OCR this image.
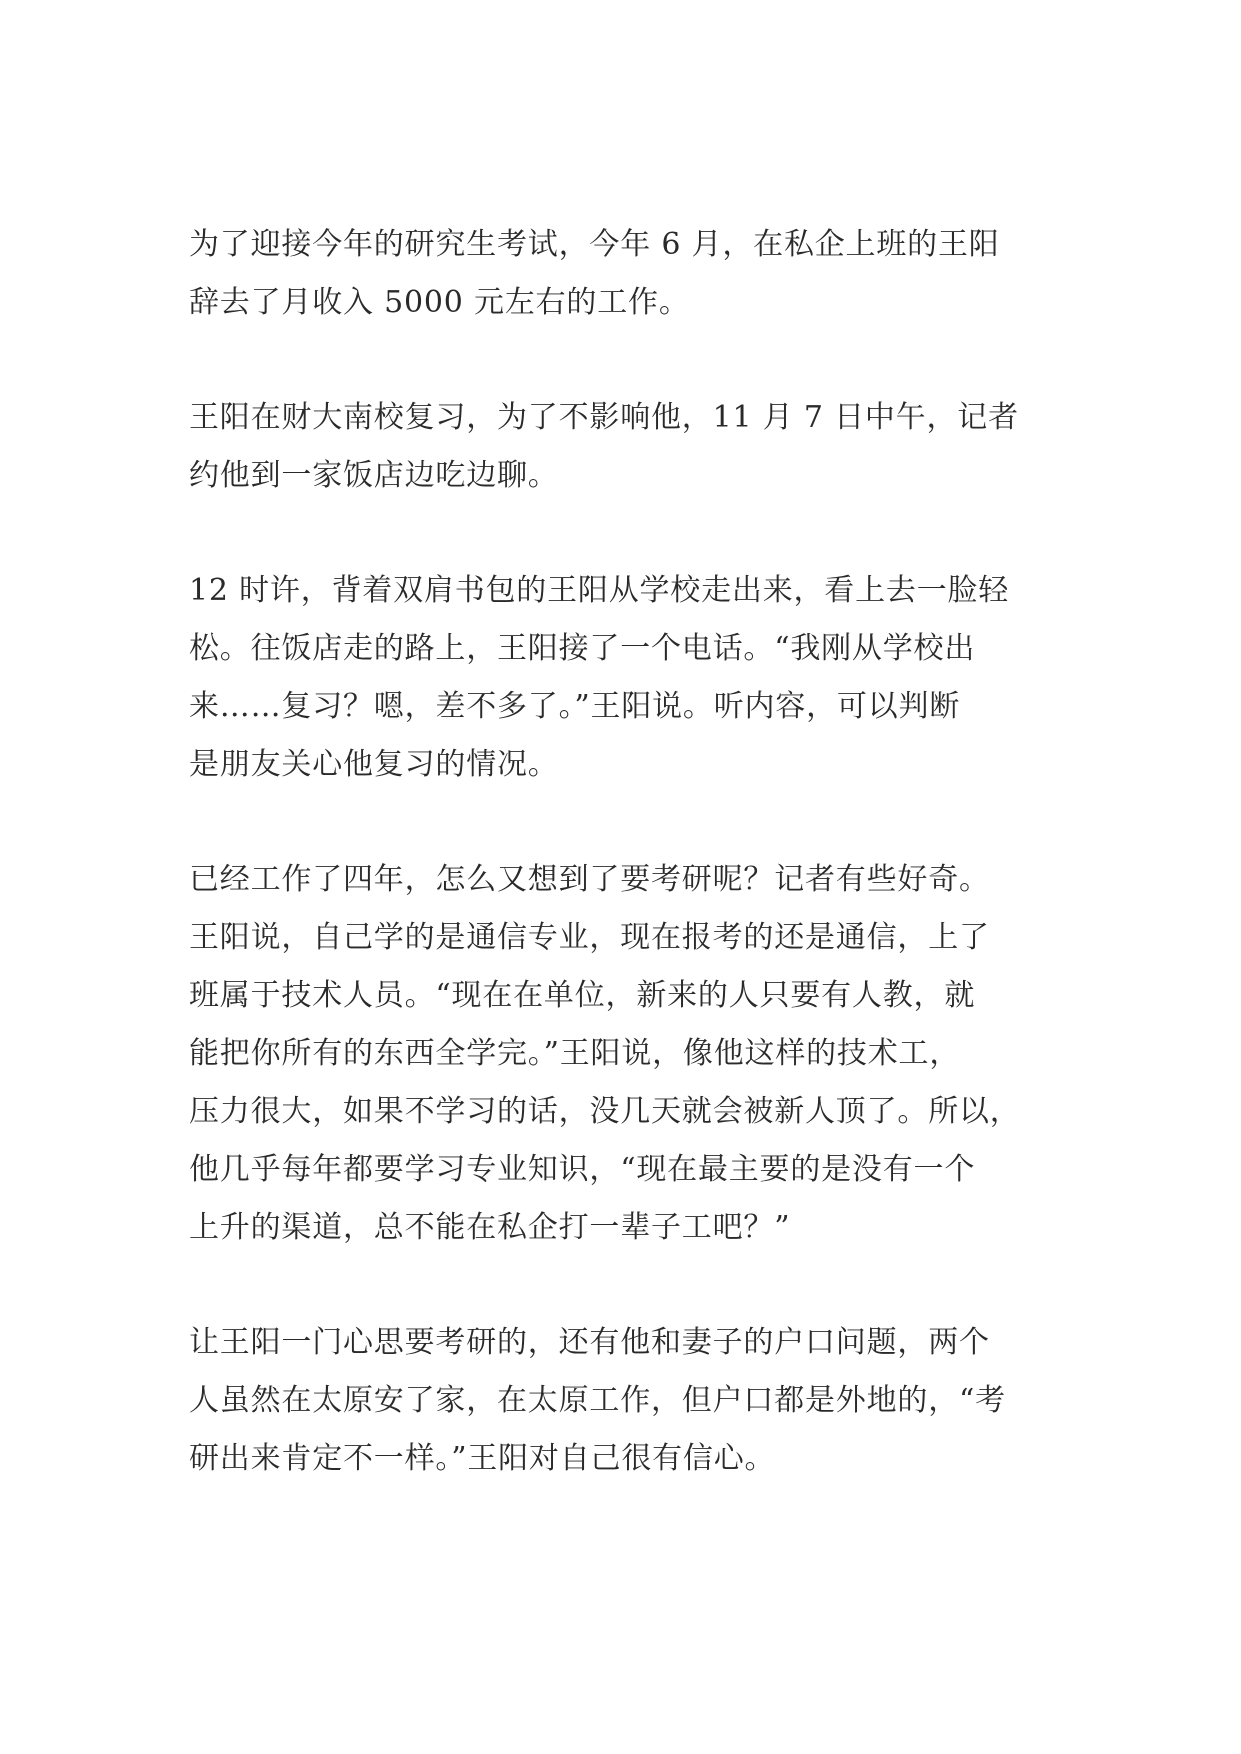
为了迎接今年的研究生考试，今年 6 月，在私企上班的王阳
辞去了月收入 5000 元左右的工作。
王阳在财大南校复习，为了不影响他，11 月 7 日中午，记者
约他到一家饭店边吃边聊。
12 时许，背着双肩书包的王阳从学校走出来，看上去一脸轻
松。往饭店走的路上，王阳接了一个电话。“我刚从学校出
来……复习？嗯，差不多了。”王阳说。听内容，可以判断
是朋友关心他复习的情况。
已经工作了四年，怎么又想到了要考研呢？记者有些好奇。
王阳说，自己学的是通信专业，现在报考的还是通信，上了
班属于技术人员。“现在在单位，新来的人只要有人教，就
能把你所有的东西全学完。”王阳说，像他这样的技术工，
压力很大，如果不学习的话，没几天就会被新人顶了。所以，
他几乎每年都要学习专业知识，“现在最主要的是没有一个
上升的渠道，总不能在私企打一辈子工吧？”
让王阳一门心思要考研的，还有他和妻子的户口问题，两个
人虽然在太原安了家，在太原工作，但户口都是外地的，“考
研出来肯定不一样。”王阳对自己很有信心。
